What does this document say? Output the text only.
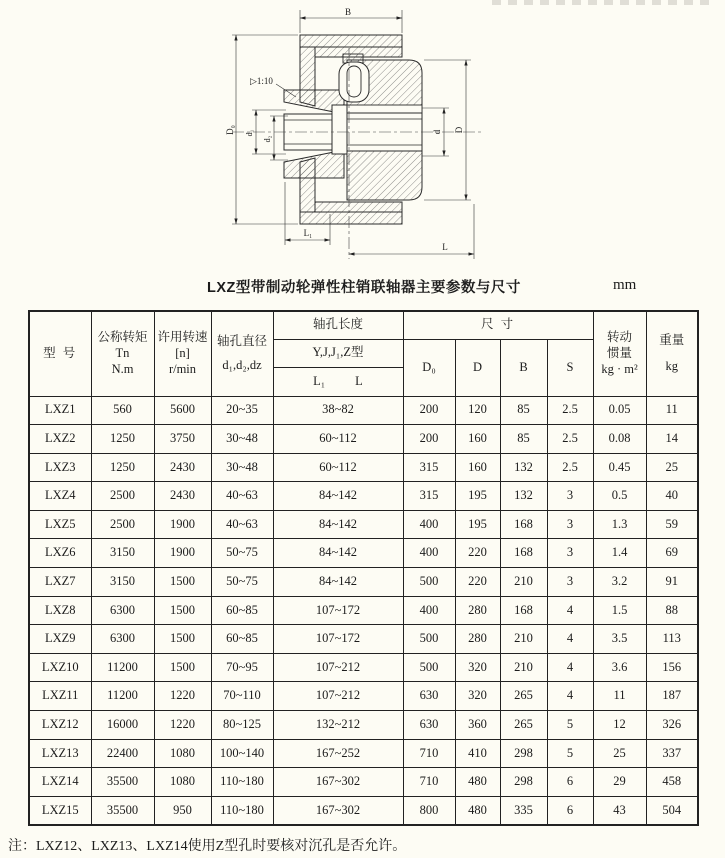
B
D₀ d₁
d₂
d D
L₁
L
▷1:10
LXZ型带制动轮弹性柱销联轴器主要参数与尺寸	mm
型 号	
公称转矩Tn
N.m

许用转速
[n]
r/min

轴孔直径
d₁,d₂,dz
	轴孔长度	尺 寸	
转动
惯量
kg · m²

重量
kg

				Y,J,J₁,Z型	D₀	D	B	S		
				L₁ L						
LXZ1	560	5600	20~35	38~82	200	120	85	2.5	0.05	11
LXZ2	1250	3750	30~48	60~112	200	160	85	2.5	0.08	14
LXZ3	1250	2430	30~48	60~112	315	160	132	2.5	0.45	25
LXZ4	2500	2430	40~63	84~142	315	195	132	3	0.5	40
LXZ5	2500	1900	40~63	84~142	400	195	168	3	1.3	59
LXZ6	3150	1900	50~75	84~142	400	220	168	3	1.4	69
LXZ7	3150	1500	50~75	84~142	500	220	210	3	3.2	91
LXZ8	6300	1500	60~85	107~172	400	280	168	4	1.5	88
LXZ9	6300	1500	60~85	107~172	500	280	210	4	3.5	113
LXZ10	11200	1500	70~95	107~212	500	320	210	4	3.6	156
LXZ11	11200	1220	70~110	107~212	630	320	265	4	11	187
LXZ12	16000	1220	80~125	132~212	630	360	265	5	12	326
LXZ13	22400	1080	100~140	167~252	710	410	298	5	25	337
LXZ14	35500	1080	110~180	167~302	710	480	298	6	29	458
LXZ15	35500	950	110~180	167~302	800	480	335	6	43	504
注：LXZ12、LXZ13、LXZ14使用Z型孔时要核对沉孔是否允许。
